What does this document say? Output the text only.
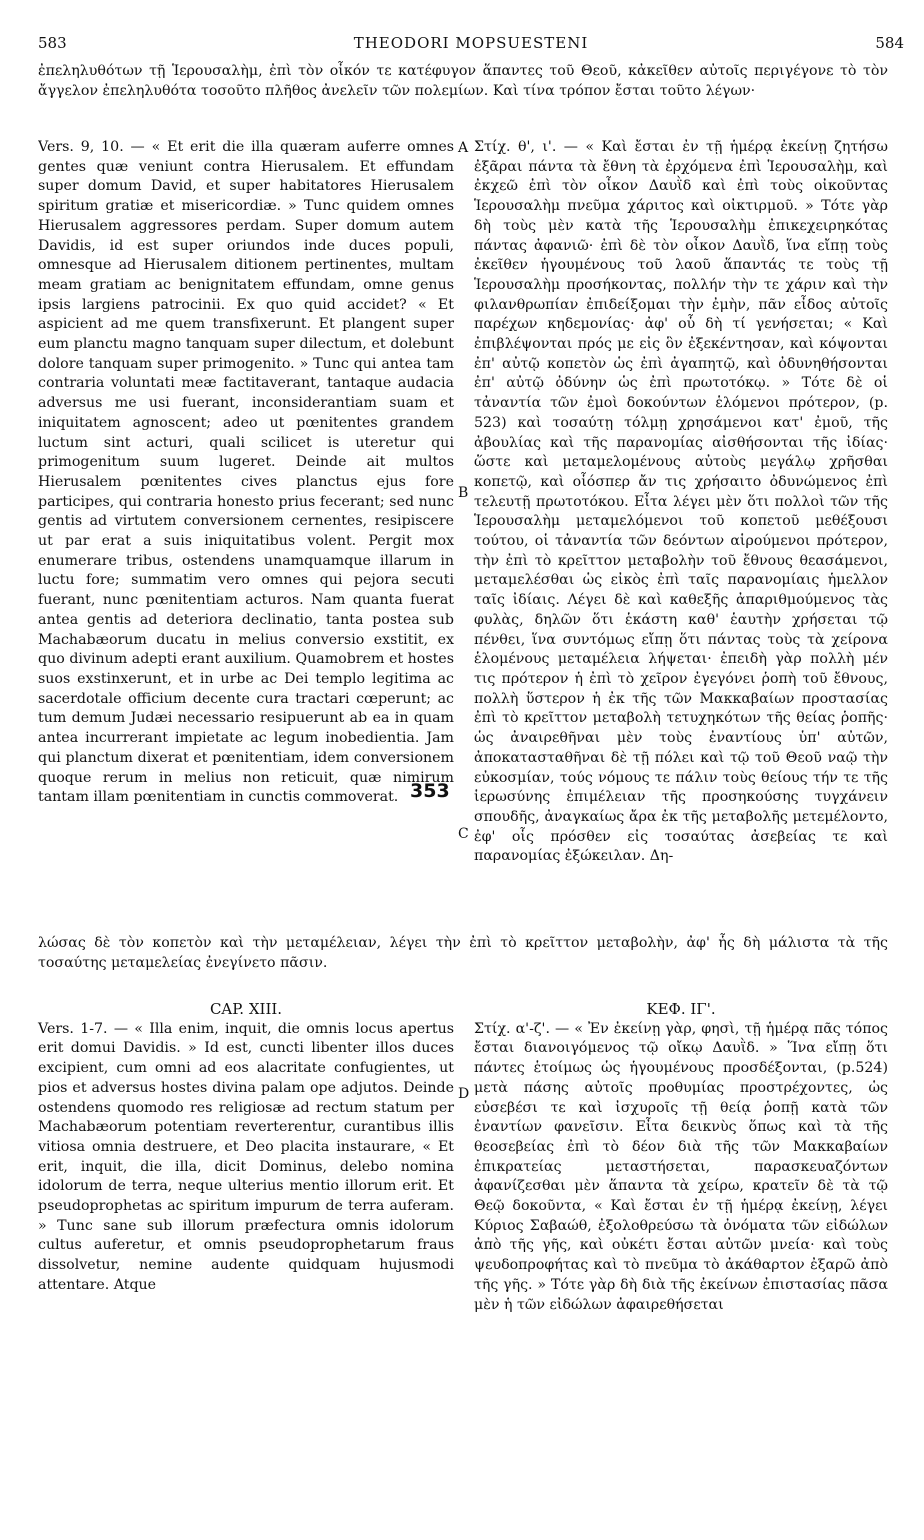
583	THEODORI MOPSUESTENI	584

ἐπεληλυθότων τῇ Ἱερουσαλὴμ, ἐπὶ τὸν οἶκόν τε κατέφυγον ἅπαντες τοῦ Θεοῦ, κἀκεῖθεν αὐτοῖς περιγέγονε τὸ τὸν ἄγγελον ἐπεληλυθότα τοσοῦτο πλῆθος ἀνελεῖν τῶν πολεμίων. Καὶ τίνα τρόπον ἔσται τοῦτο λέγων·

Vers. 9, 10. — « Et erit die illa quæram auferre omnes gentes quæ veniunt contra Hierusalem. Et effundam super domum David, et super habitatores Hierusalem spiritum gratiæ et misericordiæ. » Tunc quidem omnes Hierusalem aggressores perdam. Super domum autem Davidis, id est super oriundos inde duces populi, omnesque ad Hierusalem ditionem pertinentes, multam meam gratiam ac benignitatem effundam, omne genus ipsis largiens patrocinii. Ex quo quid accidet? « Et aspicient ad me quem transfixerunt. Et plangent super eum planctu magno tanquam super dilectum, et dolebunt dolore tanquam super primogenito. » Tunc qui antea tam contraria voluntati meæ factitaverant, tantaque audacia adversus me usi fuerant, inconsiderantiam suam et iniquitatem agnoscent; adeo ut pœnitentes grandem luctum sint acturi, quali scilicet is uteretur qui primogenitum suum lugeret. Deinde ait multos Hierusalem pœnitentes cives planctus ejus fore participes, qui contraria honesto prius fecerant; sed nunc gentis ad virtutem conversionem cernentes, resipiscere ut par erat a suis iniquitatibus volent. Pergit mox enumerare tribus, ostendens unamquamque illarum in luctu fore; summatim vero omnes qui pejora secuti fuerant, nunc pœnitentiam acturos. Nam quanta fuerat antea gentis ad deteriora declinatio, tanta postea sub Machabæorum ducatu in melius conversio exstitit, ex quo divinum adepti erant auxilium. Quamobrem et hostes suos exstinxerunt, et in urbe ac Dei templo legitima ac sacerdotale officium decente cura tractari cœperunt; ac tum demum Judæi necessario resipuerunt ab ea in quam antea incurrerant impietate ac legum inobedientia. Jam qui planctum dixerat et pœnitentiam, idem conversionem quoque rerum in melius non reticuit, quæ nimirum tantam illam pœnitentiam in cunctis commoverat.

Στίχ. θ', ι'. — « Καὶ ἔσται ἐν τῇ ἡμέρᾳ ἐκείνῃ ζητήσω ἐξᾶραι πάντα τὰ ἔθνη τὰ ἐρχόμενα ἐπὶ Ἱερουσαλὴμ, καὶ ἐκχεῶ ἐπὶ τὸν οἶκον Δαυῒδ καὶ ἐπὶ τοὺς οἰκοῦντας Ἱερουσαλὴμ πνεῦμα χάριτος καὶ οἰκτιρμοῦ. » Τότε γὰρ δὴ τοὺς μὲν κατὰ τῆς Ἱερουσαλὴμ ἐπικεχειρηκότας πάντας ἀφανιῶ· ἐπὶ δὲ τὸν οἶκον Δαυῒδ, ἵνα εἴπῃ τοὺς ἐκεῖθεν ἡγουμένους τοῦ λαοῦ ἅπαντάς τε τοὺς τῇ Ἱερουσαλὴμ προσήκοντας, πολλήν τὴν τε χάριν καὶ τὴν φιλανθρωπίαν ἐπιδείξομαι τὴν ἐμὴν, πᾶν εἶδος αὐτοῖς παρέχων κηδεμονίας· ἀφ' οὗ δὴ τί γενήσεται; « Καὶ ἐπιβλέψονται πρός με εἰς ὃν ἐξεκέντησαν, καὶ κόψονται ἐπ' αὐτῷ κοπετὸν ὡς ἐπὶ ἀγαπητῷ, καὶ ὀδυνηθήσονται ἐπ' αὐτῷ ὀδύνην ὡς ἐπὶ πρωτοτόκῳ. » Τότε δὲ οἱ τἀναντία τῶν ἐμοὶ δοκούντων ἑλόμενοι πρότερον, (p. 523) καὶ τοσαύτῃ τόλμῃ χρησάμενοι κατ' ἐμοῦ, τῆς ἀβουλίας καὶ τῆς παρανομίας αἰσθήσονται τῆς ἰδίας· ὥστε καὶ μεταμελομένους αὐτοὺς μεγάλῳ χρῆσθαι κοπετῷ, καὶ οἷόσπερ ἄν τις χρήσαιτο ὀδυνώμενος ἐπὶ τελευτῇ πρωτοτόκου. Εἶτα λέγει μὲν ὅτι πολλοὶ τῶν τῆς Ἱερουσαλὴμ μεταμελόμενοι τοῦ κοπετοῦ μεθέξουσι τούτου, οἱ τἀναντία τῶν δεόντων αἱρούμενοι πρότερον, τὴν ἐπὶ τὸ κρεῖττον μεταβολὴν τοῦ ἔθνους θεασάμενοι, μεταμελέσθαι ὡς εἰκὸς ἐπὶ ταῖς παρανομίαις ἡμελλον ταῖς ἰδίαις. Λέγει δὲ καὶ καθεξῆς ἀπαριθμούμενος τὰς φυλὰς, δηλῶν ὅτι ἑκάστη καθ' ἑαυτὴν χρήσεται τῷ πένθει, ἵνα συντόμως εἴπῃ ὅτι πάντας τοὺς τὰ χείρονα ἑλομένους μεταμέλεια λήψεται· ἐπειδὴ γὰρ πολλὴ μέν τις πρότερον ἡ ἐπὶ τὸ χεῖρον ἐγεγόνει ῥοπὴ τοῦ ἔθνους, πολλὴ ὕστερον ἡ ἐκ τῆς τῶν Μακκαβαίων προστασίας ἐπὶ τὸ κρεῖττον μεταβολὴ τετυχηκότων τῆς θείας ῥοπῆς· ὡς ἀναιρεθῆναι μὲν τοὺς ἐναντίους ὑπ' αὐτῶν, ἀποκατασταθῆναι δὲ τῇ πόλει καὶ τῷ τοῦ Θεοῦ ναῷ τὴν εὐκοσμίαν, τούς νόμους τε πάλιν τοὺς θείους τήν τε τῆς ἱερωσύνης ἐπιμέλειαν τῆς προσηκούσης τυγχάνειν σπουδῆς, ἀναγκαίως ἄρα ἐκ τῆς μεταβολῆς μετεμέλοντο, ἐφ' οἷς πρόσθεν εἰς τοσαύτας ἀσεβείας τε καὶ παρανομίας ἐξώκειλαν. Δη-

A
B
C
D
353

λώσας δὲ τὸν κοπετὸν καὶ τὴν μεταμέλειαν, λέγει τὴν ἐπὶ τὸ κρεῖττον μεταβολὴν, ἀφ' ἧς δὴ μάλιστα τὰ τῆς τοσαύτης μεταμελείας ἐνεγίνετο πᾶσιν.

CAP. XIII.

Vers. 1-7. — « Illa enim, inquit, die omnis locus apertus erit domui Davidis. » Id est, cuncti libenter illos duces excipient, cum omni ad eos alacritate confugientes, ut pios et adversus hostes divina palam ope adjutos. Deinde ostendens quomodo res religiosæ ad rectum statum per Machabæorum potentiam reverterentur, curantibus illis vitiosa omnia destruere, et Deo placita instaurare, « Et erit, inquit, die illa, dicit Dominus, delebo nomina idolorum de terra, neque ulterius mentio illorum erit. Et pseudoprophetas ac spiritum impurum de terra auferam. » Tunc sane sub illorum præfectura omnis idolorum cultus auferetur, et omnis pseudoprophetarum fraus dissolvetur, nemine audente quidquam hujusmodi attentare. Atque

ΚΕΦ. ΙΓ'.

Στίχ. α'-ζ'. — « Ἐν ἐκείνῃ γὰρ, φησὶ, τῇ ἡμέρᾳ πᾶς τόπος ἔσται διανοιγόμενος τῷ οἴκῳ Δαυῒδ. » Ἵνα εἴπῃ ὅτι πάντες ἑτοίμως ὡς ἡγουμένους προσδέξονται, (p.524) μετὰ πάσης αὐτοῖς προθυμίας προστρέχοντες, ὡς εὐσεβέσι τε καὶ ἰσχυροῖς τῇ θείᾳ ῥοπῇ κατὰ τῶν ἐναντίων φανεῖσιν. Εἶτα δεικνὺς ὅπως καὶ τὰ τῆς θεοσεβείας ἐπὶ τὸ δέον διὰ τῆς τῶν Μακκαβαίων ἐπικρατείας μεταστήσεται, παρασκευαζόντων ἀφανίζεσθαι μὲν ἅπαντα τὰ χείρω, κρατεῖν δὲ τὰ τῷ Θεῷ δοκοῦντα, « Καὶ ἔσται ἐν τῇ ἡμέρᾳ ἐκείνῃ, λέγει Κύριος Σαβαώθ, ἐξολοθρεύσω τὰ ὀνόματα τῶν εἰδώλων ἀπὸ τῆς γῆς, καὶ οὐκέτι ἔσται αὐτῶν μνεία· καὶ τοὺς ψευδοπροφήτας καὶ τὸ πνεῦμα τὸ ἀκάθαρτον ἐξαρῶ ἀπὸ τῆς γῆς. » Τότε γὰρ δὴ διὰ τῆς ἐκείνων ἐπιστασίας πᾶσα μὲν ἡ τῶν εἰδώλων ἀφαιρεθήσεται
